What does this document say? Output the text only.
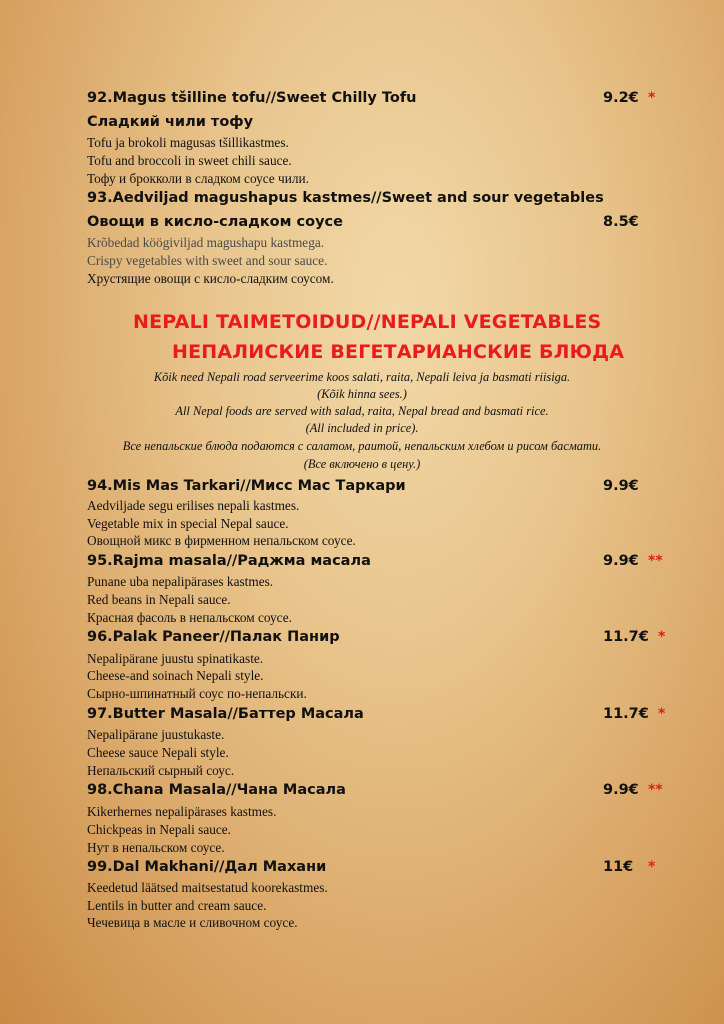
92.Magus tšilline tofu//Sweet Chilly Tofu	9.2€ *
Сладкий чили тофу
Tofu ja brokoli magusas tšillikastmes.
Tofu and broccoli in sweet chili sauce.
Тофу и брокколи в сладком соусе чили.
93.Aedviljad magushapus kastmes//Sweet and sour vegetables
Овощи в кисло-сладком соусе	8.5€
Krõbedad köögiviljad magushapu kastmega.
Crispy vegetables with sweet and sour sauce.
Хрустящие овощи с кисло-сладким соусом.
NEPALI TAIMETOIDUD//NEPALI VEGETABLES
НЕПАЛИСКИЕ ВЕГЕТАРИАНСКИЕ БЛЮДА
Kõik need Nepali road serveerime koos salati, raita, Nepali leiva ja basmati riisiga.
(Kõik hinna sees.)
All Nepal foods are served with salad, raita, Nepal bread and basmati rice.
(All included in price).
Все непальские блюда подаются с салатом, раитой, непальским хлебом и рисом басмати.
(Все включено в цену.)
94.Mis Mas Tarkari//Мисс Мас Таркари	9.9€
Aedviljade segu erilises nepali kastmes.
Vegetable mix in special Nepal sauce.
Овощной микс в фирменном непальском соусе.
95.Rajma masala//Раджма масала	9.9€ **
Punane uba nepalipärases kastmes.
Red beans in Nepali sauce.
Красная фасоль в непальском соусе.
96.Palak Paneer//Палак Панир	11.7€ *
Nepalipärane juustu spinatikaste.
Cheese-and soinach Nepali style.
Сырно-шпинатный соус по-непальски.
97.Butter Masala//Баттер Масала	11.7€ *
Nepalipärane juustukaste.
Cheese sauce Nepali style.
Непальский сырный соус.
98.Chana Masala//Чана Масала	9.9€ **
Kikerhernes nepalipärases kastmes.
Chickpeas in Nepali sauce.
Нут в непальском соусе.
99.Dal Makhani//Дал Махани	11€ *
Keedetud läätsed maitsestatud koorekastmes.
Lentils in butter and cream sauce.
Чечевица в масле и сливочном соусе.
